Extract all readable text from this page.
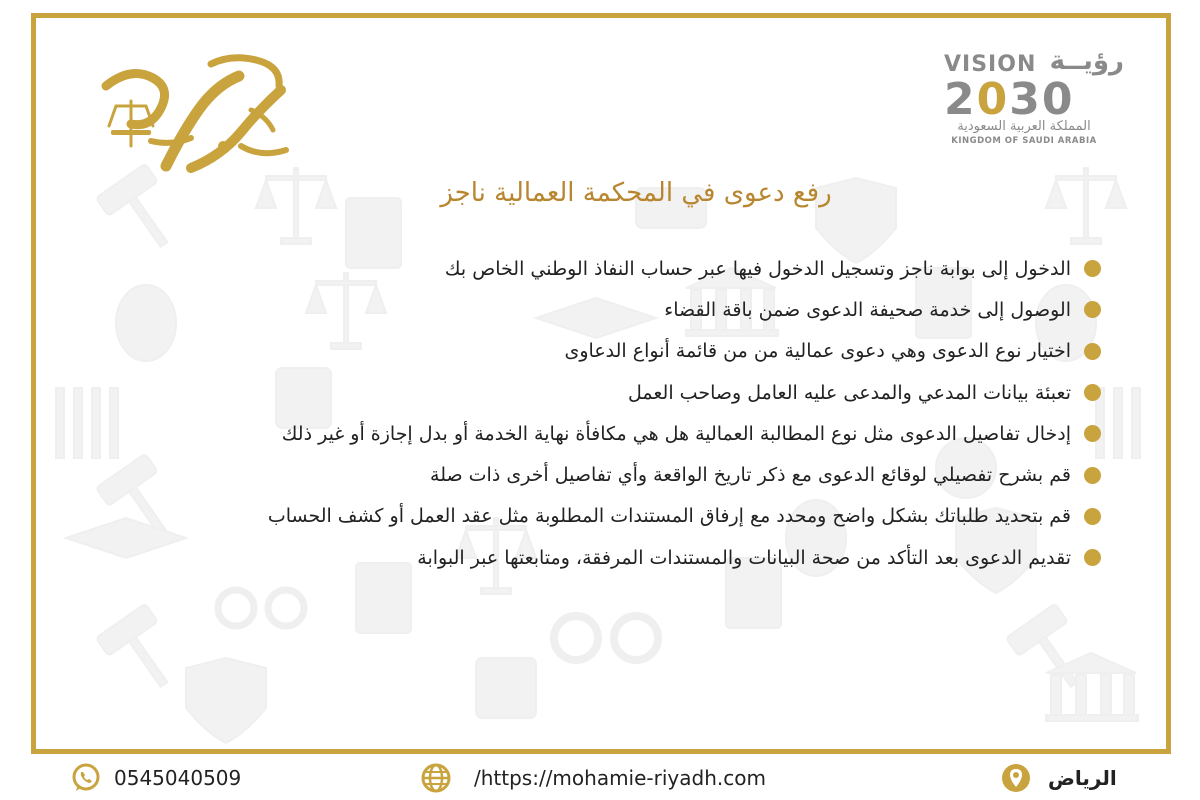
VISION رؤيــة
2030
المملكة العربية السعودية
KINGDOM OF SAUDI ARABIA
رفع دعوى في المحكمة العمالية ناجز
الدخول إلى بوابة ناجز وتسجيل الدخول فيها عبر حساب النفاذ الوطني الخاص بك
الوصول إلى خدمة صحيفة الدعوى ضمن باقة القضاء
اختيار نوع الدعوى وهي دعوى عمالية من من قائمة أنواع الدعاوى
تعبئة بيانات المدعي والمدعى عليه العامل وصاحب العمل
إدخال تفاصيل الدعوى مثل نوع المطالبة العمالية هل هي مكافأة نهاية الخدمة أو بدل إجازة أو غير ذلك
قم بشرح تفصيلي لوقائع الدعوى مع ذكر تاريخ الواقعة وأي تفاصيل أخرى ذات صلة
قم بتحديد طلباتك بشكل واضح ومحدد مع إرفاق المستندات المطلوبة مثل عقد العمل أو كشف الحساب
تقديم الدعوى بعد التأكد من صحة البيانات والمستندات المرفقة، ومتابعتها عبر البوابة
0545040509	/https://mohamie-riyadh.com	الرياض
